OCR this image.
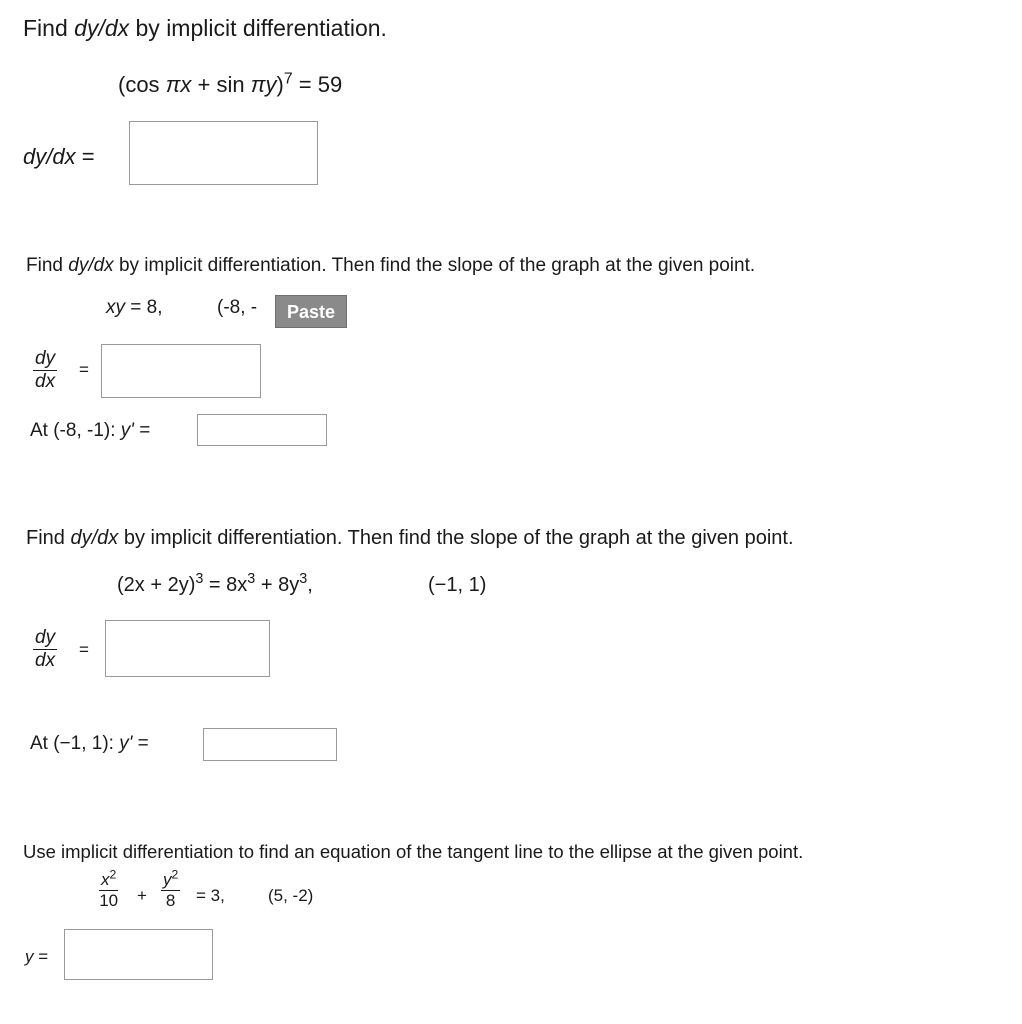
Find dy/dx by implicit differentiation.
(cos πx + sin πy)$^7$ = 59
dy/dx =
Find dy/dx by implicit differentiation. Then find the slope of the graph at the given point.
xy = 8,	(-8, -	Paste
$\frac{dy}{dx}$ =
At (-8, -1): y' =
Find dy/dx by implicit differentiation. Then find the slope of the graph at the given point.
$(2x + 2y)^3 = 8x^3 + 8y^3$,	(−1, 1)
$\frac{dy}{dx}$ =
At (−1, 1): y' =
Use implicit differentiation to find an equation of the tangent line to the ellipse at the given point.
$\frac{x^2}{10} + \frac{y^2}{8} = 3$,	(5, -2)
y =
